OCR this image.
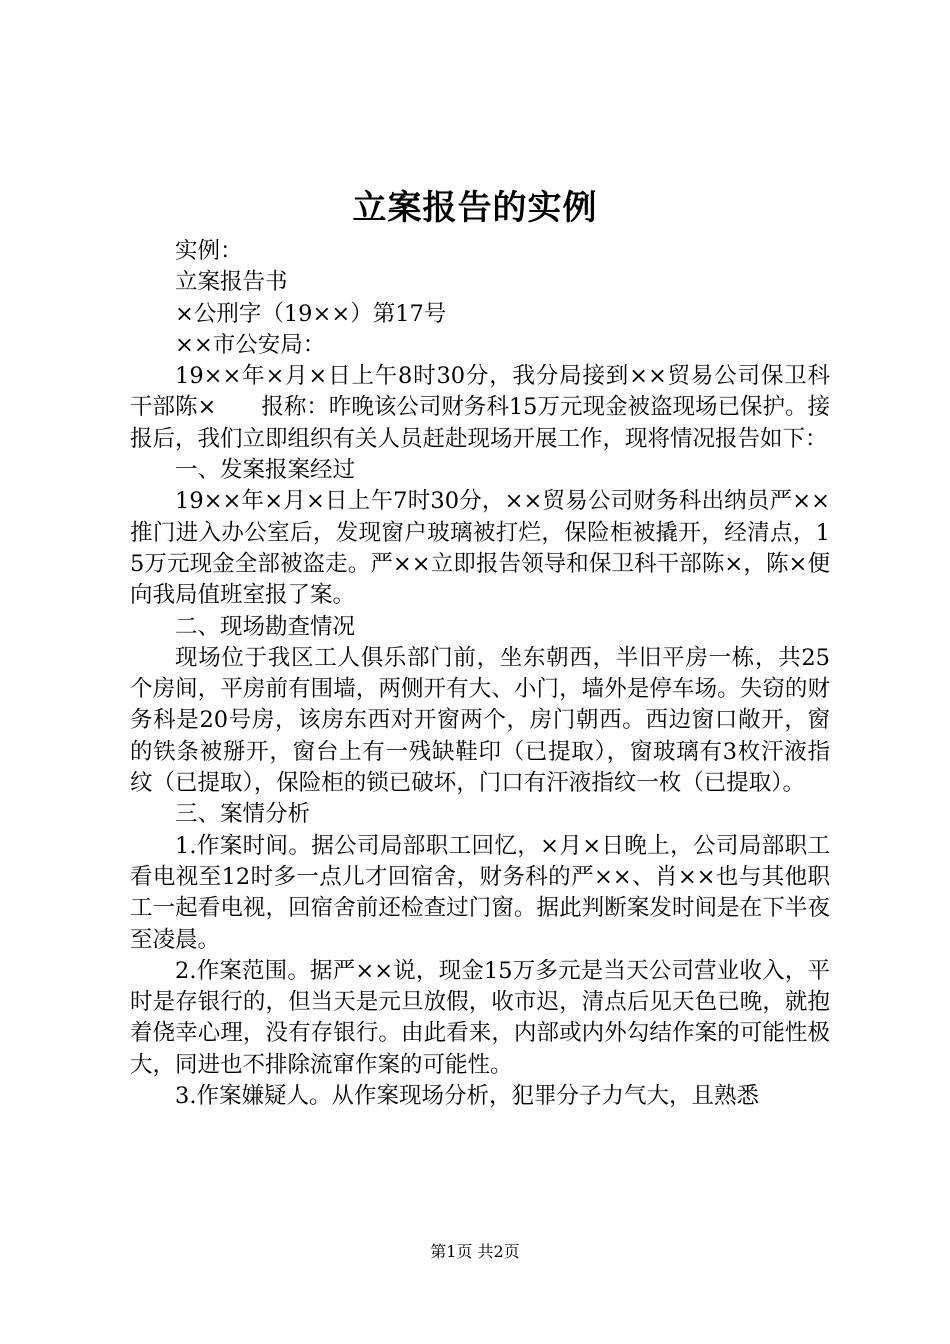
立案报告的实例

实例：

立案报告书

×公刑字（19××）第17号

××市公安局：

19××年×月×日上午8时30分，我分局接到××贸易公司保卫科干部陈×　　报称：昨晚该公司财务科15万元现金被盗现场已保护。接报后，我们立即组织有关人员赶赴现场开展工作，现将情况报告如下：

一、发案报案经过

19××年×月×日上午7时30分，××贸易公司财务科出纳员严××推门进入办公室后，发现窗户玻璃被打烂，保险柜被撬开，经清点，15万元现金全部被盗走。严××立即报告领导和保卫科干部陈×，陈×便向我局值班室报了案。

二、现场勘查情况

现场位于我区工人俱乐部门前，坐东朝西，半旧平房一栋，共25个房间，平房前有围墙，两侧开有大、小门，墙外是停车场。失窃的财务科是20号房，该房东西对开窗两个，房门朝西。西边窗口敞开，窗的铁条被掰开，窗台上有一残缺鞋印（已提取），窗玻璃有3枚汗液指纹（已提取），保险柜的锁已破坏，门口有汗液指纹一枚（已提取）。

三、案情分析

1.作案时间。据公司局部职工回忆，×月×日晚上，公司局部职工看电视至12时多一点儿才回宿舍，财务科的严××、肖××也与其他职工一起看电视，回宿舍前还检查过门窗。据此判断案发时间是在下半夜至凌晨。

2.作案范围。据严××说，现金15万多元是当天公司营业收入，平时是存银行的，但当天是元旦放假，收市迟，清点后见天色已晚，就抱着侥幸心理，没有存银行。由此看来，内部或内外勾结作案的可能性极大，同进也不排除流窜作案的可能性。

3.作案嫌疑人。从作案现场分析，犯罪分子力气大，且熟悉

第1页 共2页
